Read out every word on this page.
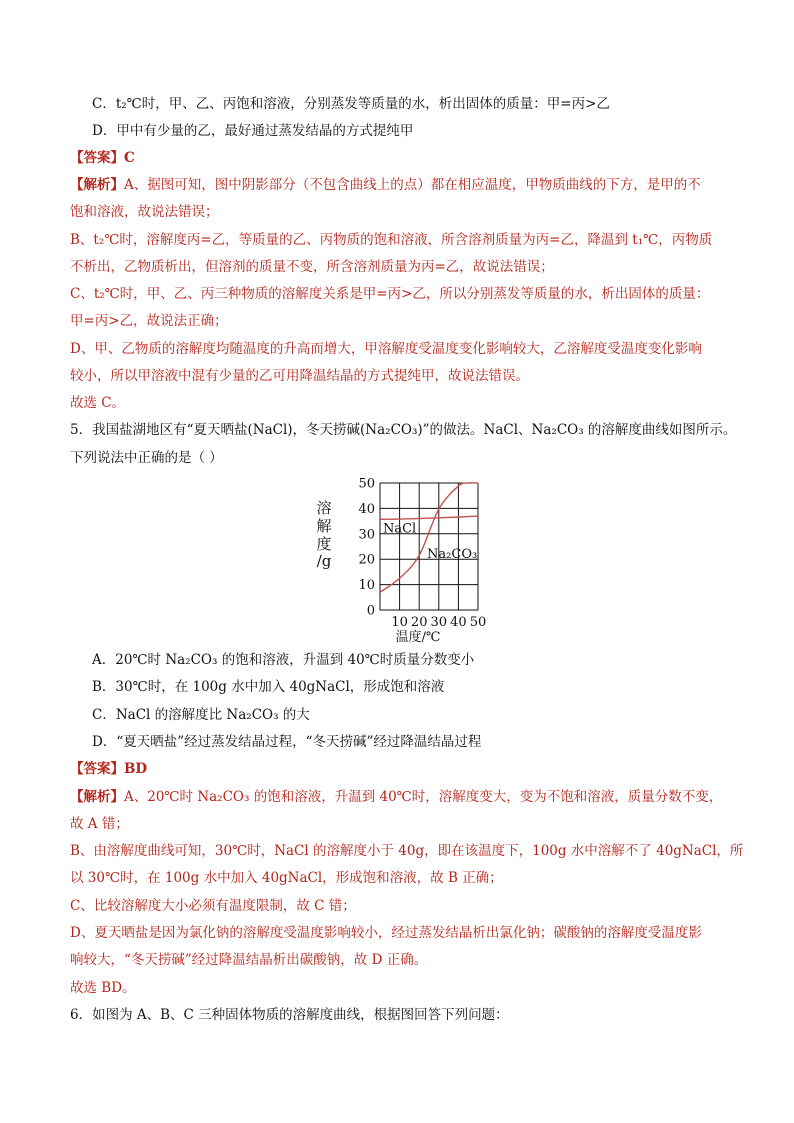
C．t₂℃时，甲、乙、丙饱和溶液，分别蒸发等质量的水，析出固体的质量：甲=丙>乙
D．甲中有少量的乙，最好通过蒸发结晶的方式提纯甲
【答案】C
【解析】A、据图可知，图中阴影部分（不包含曲线上的点）都在相应温度，甲物质曲线的下方，是甲的不
饱和溶液，故说法错误；
B、t₂℃时，溶解度丙=乙，等质量的乙、丙物质的饱和溶液，所含溶剂质量为丙=乙，降温到 t₁℃，丙物质
不析出，乙物质析出，但溶剂的质量不变，所含溶剂质量为丙=乙，故说法错误；
C、t₂℃时，甲、乙、丙三种物质的溶解度关系是甲=丙>乙，所以分别蒸发等质量的水，析出固体的质量：
甲=丙>乙，故说法正确；
D、甲、乙物质的溶解度均随温度的升高而增大，甲溶解度受温度变化影响较大，乙溶解度受温度变化影响
较小，所以甲溶液中混有少量的乙可用降温结晶的方式提纯甲，故说法错误。
故选 C。
5．我国盐湖地区有“夏天晒盐(NaCl)，冬天捞碱(Na₂CO₃)”的做法。NaCl、Na₂CO₃ 的溶解度曲线如图所示。
下列说法中正确的是（ ）
溶
解
度
/g
0
10
20
30
40
50
10 20 30 40 50
NaCl
Na₂CO₃
温度/℃
A．20℃时 Na₂CO₃ 的饱和溶液，升温到 40℃时质量分数变小
B．30℃时，在 100g 水中加入 40gNaCl，形成饱和溶液
C．NaCl 的溶解度比 Na₂CO₃ 的大
D．“夏天晒盐”经过蒸发结晶过程，“冬天捞碱”经过降温结晶过程
【答案】BD
【解析】A、20℃时 Na₂CO₃ 的饱和溶液，升温到 40℃时，溶解度变大，变为不饱和溶液，质量分数不变，
故 A 错；
B、由溶解度曲线可知，30℃时，NaCl 的溶解度小于 40g，即在该温度下，100g 水中溶解不了 40gNaCl，所
以 30℃时，在 100g 水中加入 40gNaCl，形成饱和溶液，故 B 正确；
C、比较溶解度大小必须有温度限制，故 C 错；
D、夏天晒盐是因为氯化钠的溶解度受温度影响较小，经过蒸发结晶析出氯化钠；碳酸钠的溶解度受温度影
响较大，“冬天捞碱”经过降温结晶析出碳酸钠，故 D 正确。
故选 BD。
6．如图为 A、B、C 三种固体物质的溶解度曲线，根据图回答下列问题：
